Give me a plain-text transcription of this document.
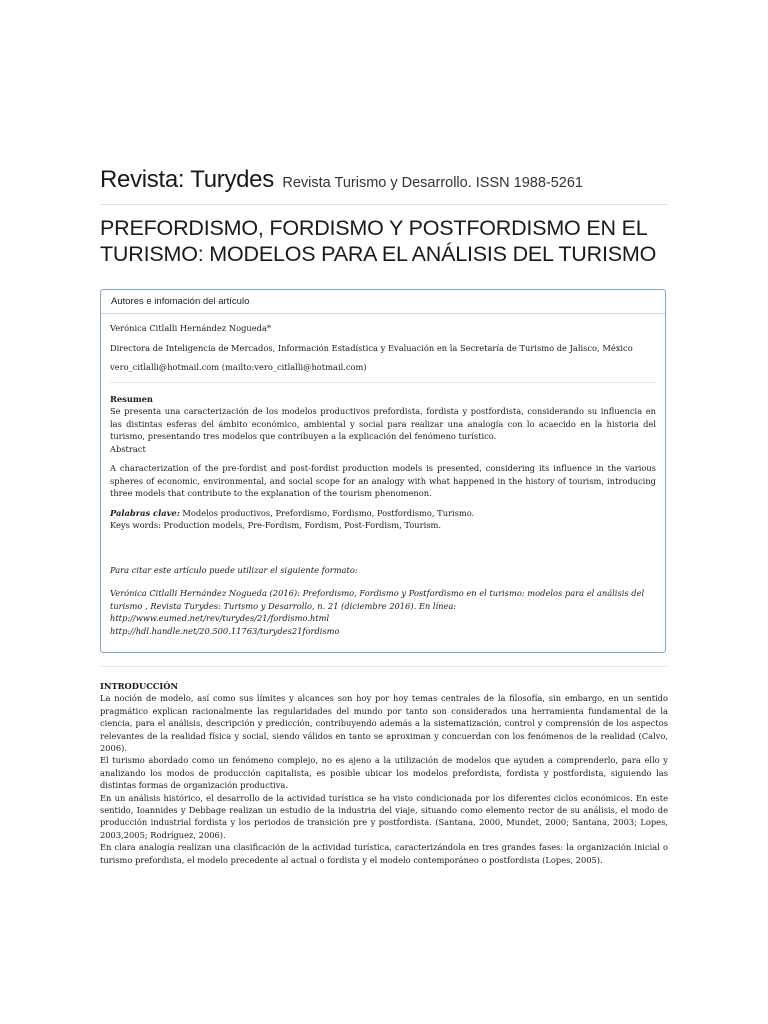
Revista: Turydes Revista Turismo y Desarrollo. ISSN 1988-5261
PREFORDISMO, FORDISMO Y POSTFORDISMO EN EL TURISMO: MODELOS PARA EL ANÁLISIS DEL TURISMO
Autores e infomación del artículo

Verónica Citlalli Hernández Nogueda*

Directora de Inteligencia de Mercados, Información Estadística y Evaluación en la Secretaría de Turismo de Jalisco, México

vero_citlalli@hotmail.com (mailto:vero_citlalli@hotmail.com)

Resumen

Se presenta una caracterización de los modelos productivos prefordista, fordista y postfordista, considerando su influencia en las distintas esferas del ámbito económico, ambiental y social para realizar una analogía con lo acaecido en la historia del turismo, presentando tres modelos que contribuyen a la explicación del fenómeno turístico.

Abstract

A characterization of the pre-fordist and post-fordist production models is presented, considering its influence in the various spheres of economic, environmental, and social scope for an analogy with what happened in the history of tourism, introducing three models that contribute to the explanation of the tourism phenomenon.

Palabras clave: Modelos productivos, Prefordismo, Fordismo, Postfordismo, Turismo.

Keys words: Production models, Pre-Fordism, Fordism, Post-Fordism, Tourism.

Para citar este artículo puede utilizar el siguiente formato:

Verónica Citlalli Hernández Nogueda (2016): Prefordismo, Fordismo y Postfordismo en el turismo: modelos para el análisis del turismo , Revista Turydes: Turismo y Desarrollo, n. 21 (diciembre 2016). En línea:

http://www.eumed.net/rev/turydes/21/fordismo.html

http://hdl.handle.net/20.500.11763/turydes21fordismo

INTRODUCCIÓN

La noción de modelo, así como sus límites y alcances son hoy por hoy temas centrales de la filosofía, sin embargo, en un sentido pragmático explican racionalmente las regularidades del mundo por tanto son considerados una herramienta fundamental de la ciencia, para el análisis, descripción y predicción, contribuyendo además a la sistematización, control y comprensión de los aspectos relevantes de la realidad física y social, siendo válidos en tanto se aproximan y concuerdan con los fenómenos de la realidad (Calvo, 2006).

El turismo abordado como un fenómeno complejo, no es ajeno a la utilización de modelos que ayuden a comprenderlo, para ello y analizando los modos de producción capitalista, es posible ubicar los modelos prefordista, fordista y postfordista, siguiendo las distintas formas de organización productiva.

En un análisis histórico, el desarrollo de la actividad turística se ha visto condicionada por los diferentes ciclos económicos. En este sentido, Ioannides y Debbage realizan un estudio de la industria del viaje, situando como elemento rector de su análisis, el modo de producción industrial fordista y los periodos de transición pre y postfordista. (Santana, 2000, Mundet, 2000; Santana, 2003; Lopes, 2003,2005; Rodríguez, 2006).

En clara analogía realizan una clasificación de la actividad turística, caracterizándola en tres grandes fases: la organización inicial o turismo prefordista, el modelo precedente al actual o fordista y el modelo contemporáneo o postfordista (Lopes, 2005).
